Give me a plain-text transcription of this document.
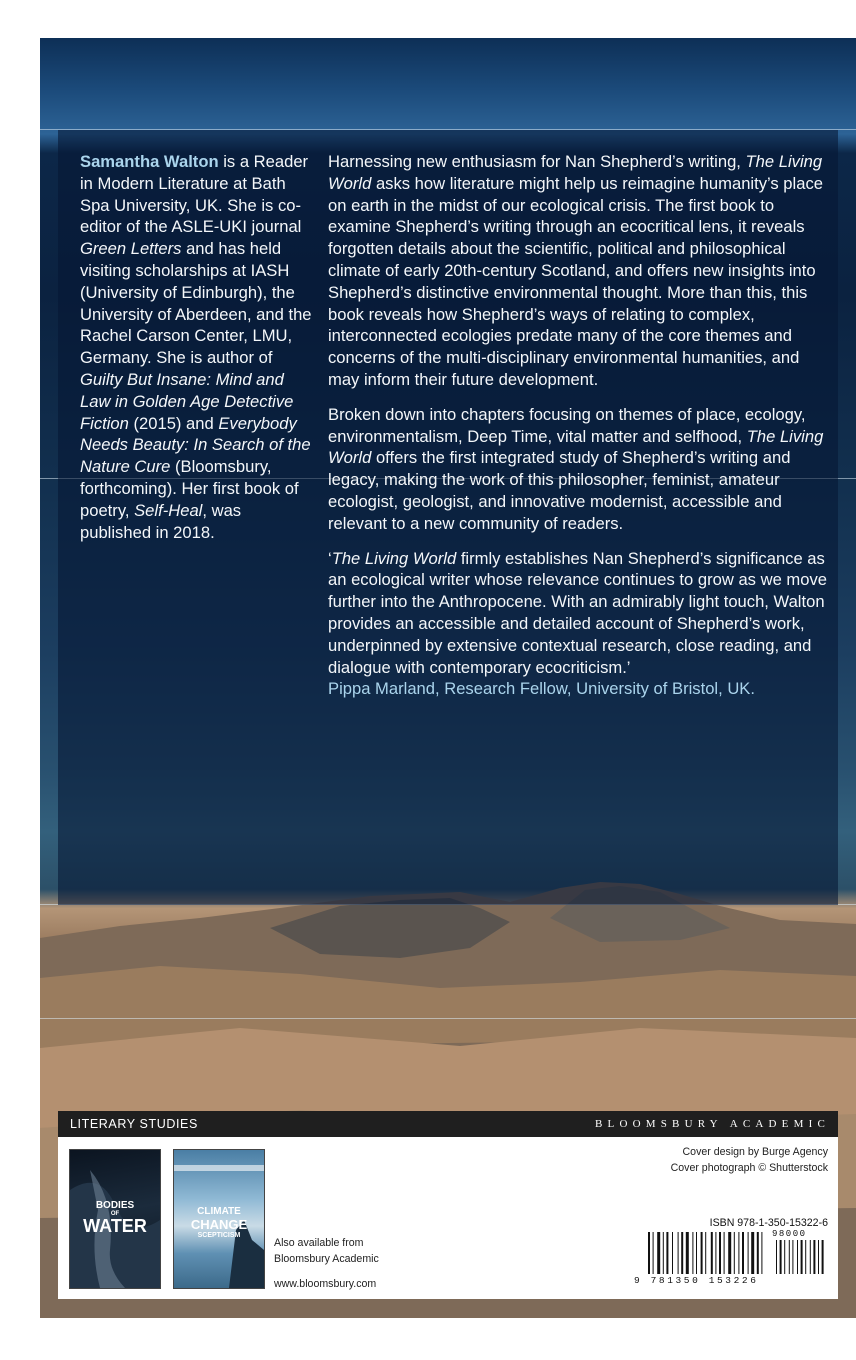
Samantha Walton is a Reader in Modern Literature at Bath Spa University, UK. She is co-editor of the ASLE-UKI journal Green Letters and has held visiting scholarships at IASH (University of Edinburgh), the University of Aberdeen, and the Rachel Carson Center, LMU, Germany. She is author of Guilty But Insane: Mind and Law in Golden Age Detective Fiction (2015) and Everybody Needs Beauty: In Search of the Nature Cure (Bloomsbury, forthcoming). Her first book of poetry, Self-Heal, was published in 2018.

Harnessing new enthusiasm for Nan Shepherd’s writing, The Living World asks how literature might help us reimagine humanity’s place on earth in the midst of our ecological crisis. The first book to examine Shepherd’s writing through an ecocritical lens, it reveals forgotten details about the scientific, political and philosophical climate of early 20th-century Scotland, and offers new insights into Shepherd’s distinctive environmental thought. More than this, this book reveals how Shepherd’s ways of relating to complex, interconnected ecologies predate many of the core themes and concerns of the multi-disciplinary environmental humanities, and may inform their future development.

Broken down into chapters focusing on themes of place, ecology, environmentalism, Deep Time, vital matter and selfhood, The Living World offers the first integrated study of Shepherd’s writing and legacy, making the work of this philosopher, feminist, amateur ecologist, geologist, and innovative modernist, accessible and relevant to a new community of readers.

‘The Living World firmly establishes Nan Shepherd’s significance as an ecological writer whose relevance continues to grow as we move further into the Anthropocene. With an admirably light touch, Walton provides an accessible and detailed account of Shepherd’s work, underpinned by extensive contextual research, close reading, and dialogue with contemporary ecocriticism.’
Pippa Marland, Research Fellow, University of Bristol, UK.

LITERARY STUDIES	BLOOMSBURY ACADEMIC
BODIES
OF
WATER
CLIMATE
CHANGE
SCEPTICISM
Also available from
Bloomsbury Academic
www.bloomsbury.com
Cover design by Burge Agency
Cover photograph © Shutterstock
ISBN 978-1-350-15322-6
9 781350 153226
98000
